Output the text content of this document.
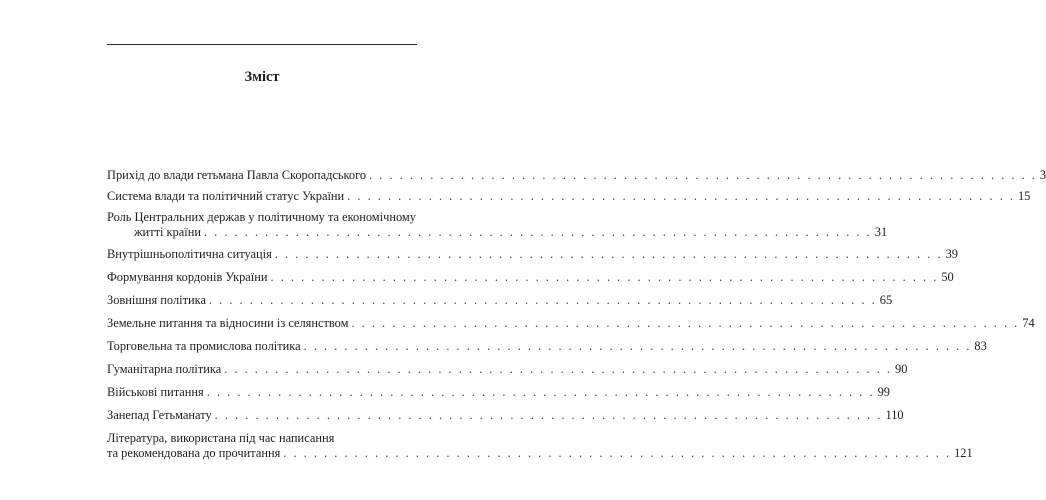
Зміст
Прихід до влади гетьмана Павла Скоропадського . . . . . . . . . . . . . . . . . . . . . . . . . . . . . . . . . . . . . . . . . . . . . . . . . . . . . . . . . . . . . . . . . . 3
Система влади та політичний статус України . . . . . . . . . . . . . . . . . . . . . . . . . . . . . . . . . . . . . . . . . . . . . . . . . . . . . . . . . . . . . . . . . . 15
Роль Центральних держав у політичному та економічному
житті країни . . . . . . . . . . . . . . . . . . . . . . . . . . . . . . . . . . . . . . . . . . . . . . . . . . . . . . . . . . . . . . . . . . 31
Внутрішньополітична ситуація . . . . . . . . . . . . . . . . . . . . . . . . . . . . . . . . . . . . . . . . . . . . . . . . . . . . . . . . . . . . . . . . . . 39
Формування кордонів України . . . . . . . . . . . . . . . . . . . . . . . . . . . . . . . . . . . . . . . . . . . . . . . . . . . . . . . . . . . . . . . . . . 50
Зовнішня політика . . . . . . . . . . . . . . . . . . . . . . . . . . . . . . . . . . . . . . . . . . . . . . . . . . . . . . . . . . . . . . . . . . 65
Земельне питання та відносини із селянством . . . . . . . . . . . . . . . . . . . . . . . . . . . . . . . . . . . . . . . . . . . . . . . . . . . . . . . . . . . . . . . . . . 74
Торговельна та промислова політика . . . . . . . . . . . . . . . . . . . . . . . . . . . . . . . . . . . . . . . . . . . . . . . . . . . . . . . . . . . . . . . . . . 83
Гуманітарна політика . . . . . . . . . . . . . . . . . . . . . . . . . . . . . . . . . . . . . . . . . . . . . . . . . . . . . . . . . . . . . . . . . . 90
Військові питання . . . . . . . . . . . . . . . . . . . . . . . . . . . . . . . . . . . . . . . . . . . . . . . . . . . . . . . . . . . . . . . . . . 99
Занепад Гетьманату . . . . . . . . . . . . . . . . . . . . . . . . . . . . . . . . . . . . . . . . . . . . . . . . . . . . . . . . . . . . . . . . . . 110
Література, використана під час написання
та рекомендована до прочитання . . . . . . . . . . . . . . . . . . . . . . . . . . . . . . . . . . . . . . . . . . . . . . . . . . . . . . . . . . . . . . . . . . 121
